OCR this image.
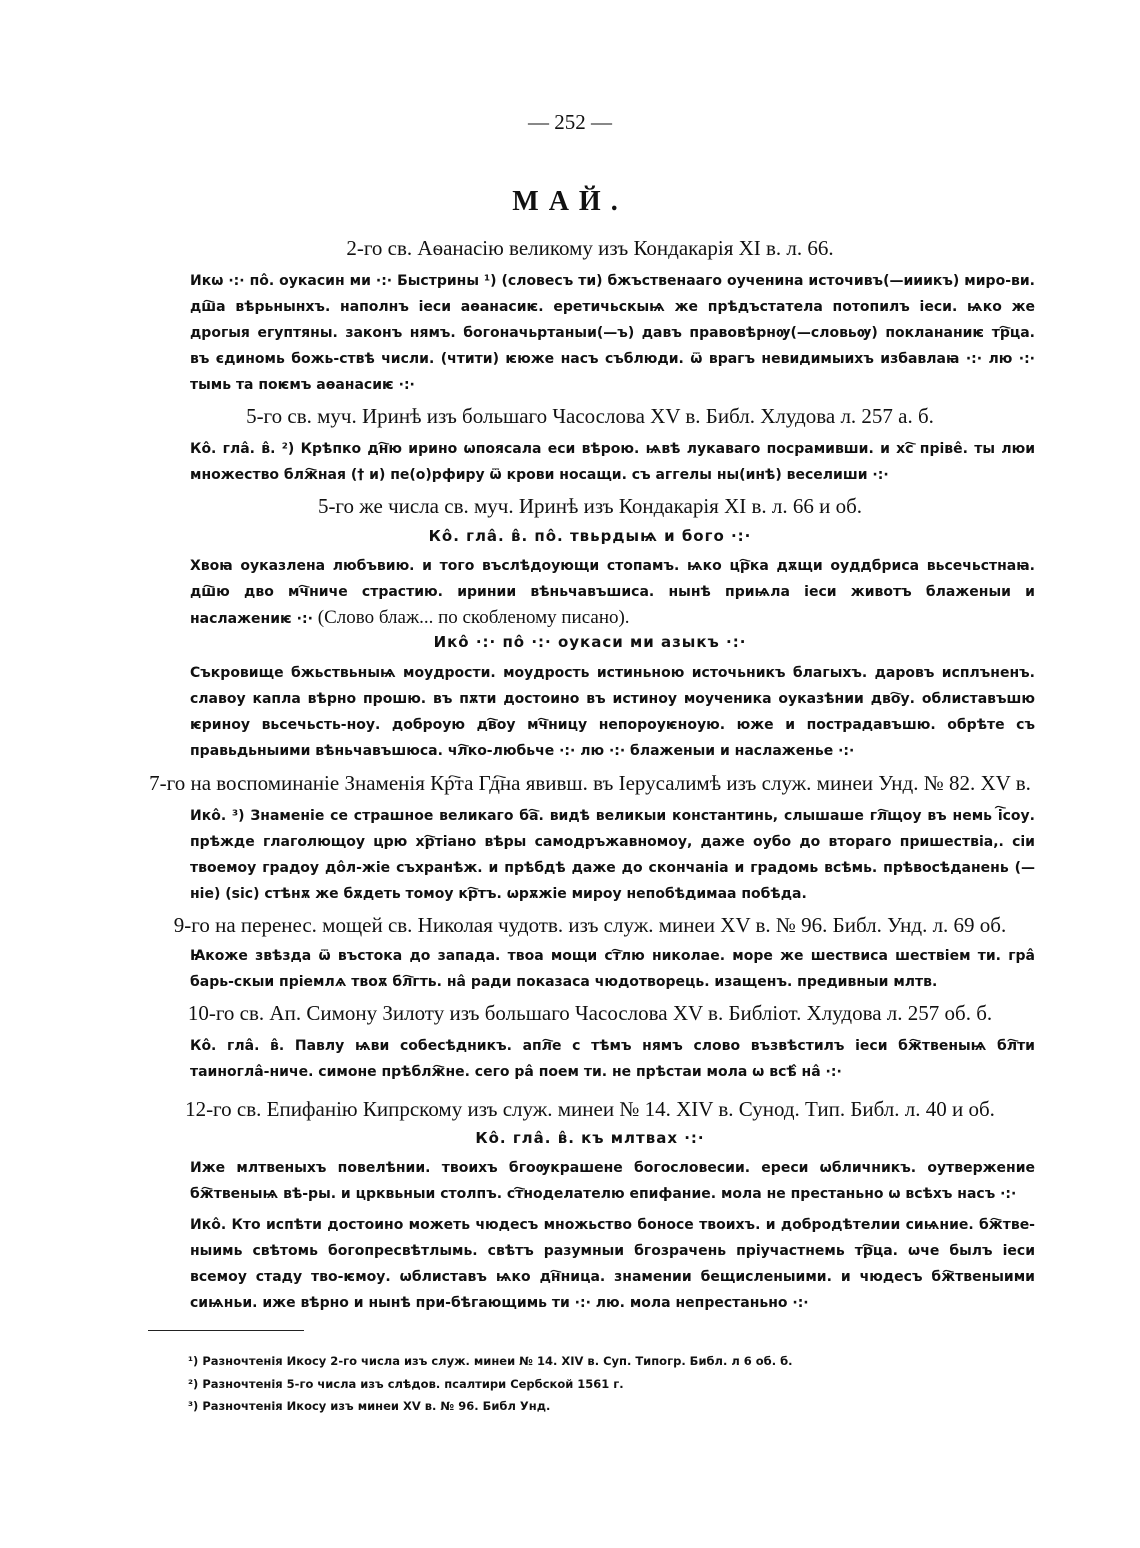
— 252 —
МАЙ.
2-го св. Аѳанасію великому изъ Кондакарія XI в. л. 66.
Икѡ ·:· по̂. оукасин ми ·:· Быстрины ¹) (словесъ ти) бжъственааго оученина источивъ(—ииикъ) миро-ви. дш҇а вѣрьнынхъ. наполнъ іеси аѳанасиѥ. еретичьскыѩ же прѣдъстатела потопилъ іеси. ѩко же дрогыя егуптяны. законъ нямъ. богоначьртаныи(—ъ) давъ правовѣрнѹ(—словьѹ) поклананиѥ тр҇ца. въ єдиномь божь-ствѣ числи. (чтити) ѥюже насъ съблюди. ѿ врагъ невидимыихъ избавлаꙗ ·:· лю ·:· тымь та поѥмъ аѳанасиѥ ·:·
5-го св. муч. Иринѣ изъ большаго Часослова XV в. Библ. Хлудова л. 257 а. б.
Ко̂. гла̂. в̂. ²) Крѣпко дн҇ю ирино ѡпоясала еси вѣрою. ѩвѣ лукаваго посрамивши. и хс҇ пріве̂. ты люи множество блж҇ная († и) пе(о)рфиру ѿ крови носащи. съ аггелы ны(инѣ) веселиши ·:·
5-го же числа св. муч. Иринѣ изъ Кондакарія XI в. л. 66 и об.
Ко̂. гла̂. в̂. по̂. твьрдыѩ и бого ·:·
Хвоꙗ оуказлена любъвию. и того въслѣдоующи стопамъ. ѩко цр҇ка дѫщи оуддбриса вьсечьстнаꙗ. дш҇ю дво мч҇ниче страстию. иринии вѣньчавъшиса. нынѣ приѩла іеси животъ блаженыи и наслажениѥ ·:· (Слово блаж... по скобленому писано).
Ико̂ ·:· по̂ ·:· оукаси ми азыкъ ·:·
Съкровище бжьствьныѩ моудрости. моудрость истиньною источьникъ благыхъ. даровъ исплъненъ. славоу капла вѣрно прошю. въ пѫти достоино въ истиноу моученика оуказѣнии дво҇у. облиставъшю ѥриноу вьсечьсть-ноу. доброую дв҇оу мч҇ницу непороуѥноую. юже и пострадавъшю. обрѣте съ правьдьныими вѣньчавъшюса. чл҇ко-любьче ·:· лю ·:· блаженыи и наслаженье ·:·
7-го на воспоминаніе Знаменія Кр҇та Гд҇на явивш. въ Іерусалимѣ изъ служ. минеи Унд. № 82. XV в.
Ико̂. ³) Знаменіе се страшное великаго ба҇. видѣ великыи константинь, слышаше гл҇щоу въ немь і҇соу. прѣжде глаголющоу црю хр҇тіано вѣры самодръжавномоу, даже оубо до втораго пришествіа,. сіи твоемоу градоу до̂л-жіе съхранѣж. и прѣбдѣ даже до скончаніа и градомь всѣмь. прѣвосѣданень (— ніе) (sic) стѣнѫ же бѫдеть томоу кр҇тъ. ѡрѫжіе мироу непобѣдимаа побѣда.
9-го на перенес. мощей св. Николая чудотв. изъ служ. минеи XV в. № 96. Библ. Унд. л. 69 об.
Ꙗкоже звѣзда ѿ въстока до запада. твоа мощи ст҇лю николае. море же шествиса шествіем ти. гра̂ барь-скыи пріемлѧ твоѫ бл҇гть. на̂ ради показаса чюдотворець. изащенъ. предивныи млтв.
10-го св. Ап. Симону Зилоту изъ большаго Часослова XV в. Библіот. Хлудова л. 257 об. б.
Ко̂. гла̂. в̂. Павлу ѩви собесѣдникъ. апл҇е с тѣмъ нямъ слово възвѣстилъ іеси бж҇твеныѩ бл҇ти таиногла̂-ниче. симоне прѣблж҇не. сего ра̂ поем ти. не прѣстаи мола ѡ всѣ̂ на̂ ·:·
12-го св. Епифанію Кипрскому изъ служ. минеи № 14. XIV в. Сунод. Тип. Библ. л. 40 и об.
Ко̂. гла̂. в̂. къ млтвах ·:·
Иже млтвеныхъ повелѣнии. твоихъ бгоѹкрашене богословесии. ереси ѡбличникъ. оутвержение бж҇твеныѩ вѣ-ры. и црквьныи столпъ. ст҇ноделателю епифание. мола не престаньно ѡ всѣхъ насъ ·:·
Ико̂. Кто испѣти достоино можеть чюдесъ множьство боносе твоихъ. и добродѣтелии сиѩние. бж҇тве-ныимь свѣтомь богопресвѣтлымь. свѣтъ разумныи бгозрачень пріучастнемь тр҇ца. ѡче былъ іеси всемоу стаду тво-ѥмоу. ѡблиставъ ѩко дн҇ница. знамении бещисленыими. и чюдесъ бж҇твеныими сиѩньи. иже вѣрно и нынѣ при-бѣгающимь ти ·:· лю. мола непрестаньно ·:·
¹) Разночтенія Икосу 2-го числа изъ служ. минеи № 14. XIV в. Суп. Типогр. Библ. л 6 об. б.
²) Разночтенія 5-го числа изъ слѣдов. псалтири Сербской 1561 г.
³) Разночтенія Икосу изъ минеи XV в. № 96. Библ Унд.
